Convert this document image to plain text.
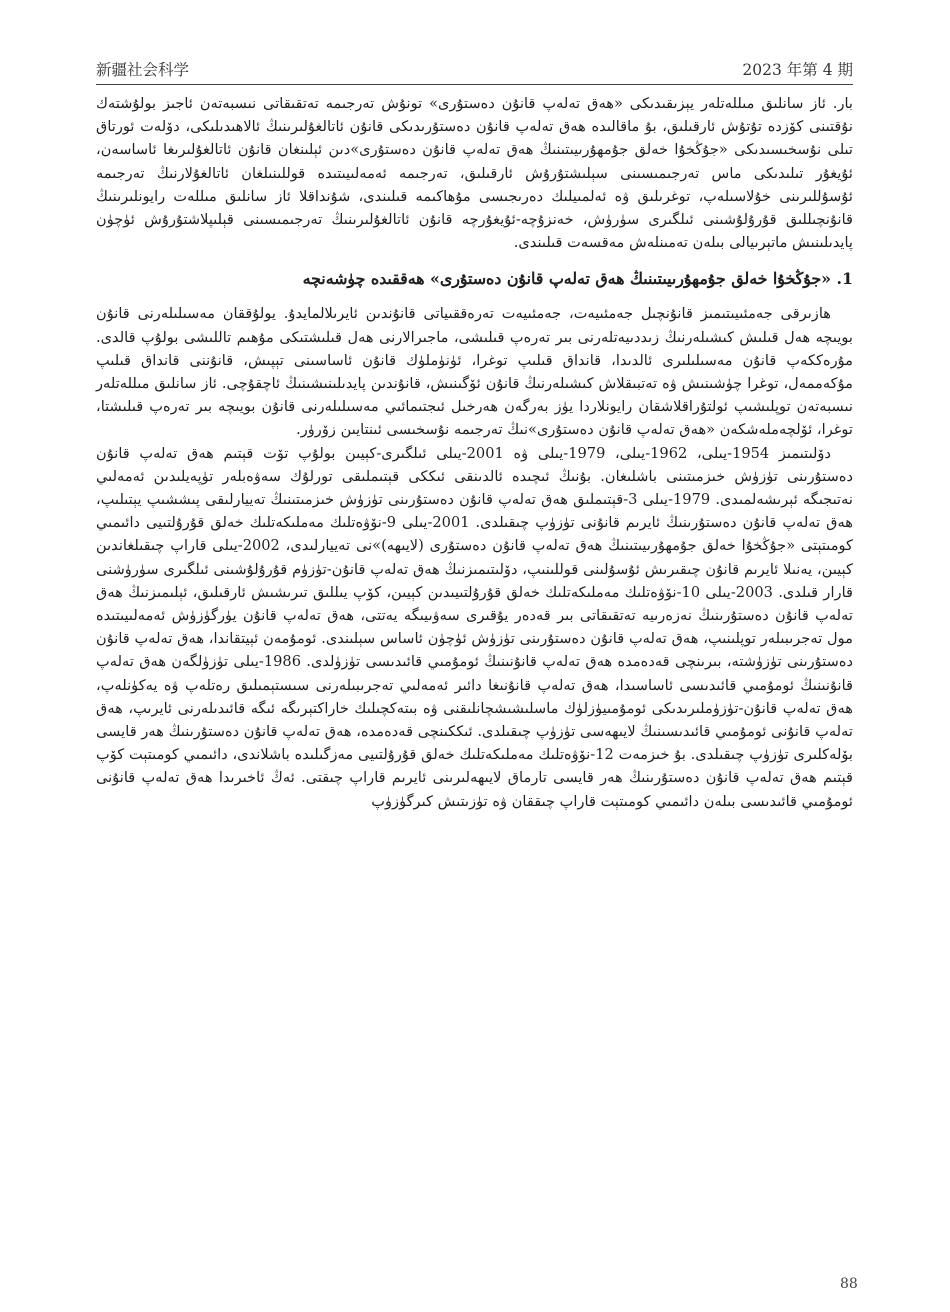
新疆社会科学	2023 年第 4 期

بار. ئاز سانلىق مىللەتلەر يېزىقىدىكى «ھەق تەلەپ قانۇن دەستۇرى» تونۇش تەرجىمە تەتقىقاتى نىسبەتەن ئاجىز بولۇشتەك نۇقتىنى كۆزدە تۇتۇش ئارقىلىق، بۇ ماقالىدە ھەق تەلەپ قانۇن دەستۇرىدىكى قانۇن ئاتالغۇلىرىنىڭ ئالاھىدىلىكى، دۆلەت ئورتاق تىلى نۇسخىسىدىكى «جۇڭخۇا خەلق جۇمھۇرىيىتىنىڭ ھەق تەلەپ قانۇن دەستۇرى»دىن ئېلىنغان قانۇن ئاتالغۇلىرىغا ئاساسەن، ئۇيغۇر تىلىدىكى ماس تەرجىمىسىنى سېلىشتۇرۇش ئارقىلىق، تەرجىمە ئەمەلىيىتىدە قوللىنىلغان ئاتالغۇلارنىڭ تەرجىمە ئۇسۇللىرىنى خۇلاسىلەپ، توغرىلىق ۋە ئەلمىيلىك دەرىجىسى مۇھاكىمە قىلىندى، شۇنداقلا ئاز سانلىق مىللەت رايونلىرىنىڭ قانۇنچىللىق قۇرۇلۇشىنى ئىلگىرى سۈرۈش، خەنزۇچە-ئۇيغۇرچە قانۇن ئاتالغۇلىرىنىڭ تەرجىمىسىنى قېلىپلاشتۇرۇش ئۈچۈن پايدىلىنىش ماتېرىيالى بىلەن تەمىنلەش مەقسەت قىلىندى.

1. «جۇڭخۇا خەلق جۇمھۇرىيىتىنىڭ ھەق تەلەپ قانۇن دەستۇرى» ھەققىدە چۈشەنچە

ھازىرقى جەمئىيىتىمىز قانۇنچىل جەمئىيەت، جەمئىيەت تەرەققىياتى قانۇندىن ئايرىلالمايدۇ. يولۇققان مەسىلىلەرنى قانۇن بويىچە ھەل قىلىش كىشىلەرنىڭ زىددىيەتلەرنى بىر تەرەپ قىلىشى، ماجىرالارنى ھەل قىلىشتىكى مۇھىم تاللىشى بولۇپ قالدى. مۇرەككەپ قانۇن مەسىلىلىرى ئالدىدا، قانداق قىلىپ توغرا، ئۈنۈملۈك قانۇن ئاساسىنى تېپىش، قانۇننى قانداق قىلىپ مۇكەممەل، توغرا چۈشىنىش ۋە تەتبىقلاش كىشىلەرنىڭ قانۇن ئۆگىنىش، قانۇندىن پايدىلىنىشىنىڭ ئاچقۇچى. ئاز سانلىق مىللەتلەر نىسبەتەن توپلىشىپ ئولتۇراقلاشقان رايونلاردا يۈز بەرگەن ھەرخىل ئىجتىمائىي مەسىلىلەرنى قانۇن بويىچە بىر تەرەپ قىلىشتا، توغرا، ئۆلچەملەشكەن «ھەق تەلەپ قانۇن دەستۇرى»نىڭ تەرجىمە نۇسخىسى ئىنتايىن زۆرۈر.

دۆلىتىمىز 1954-يىلى، 1962-يىلى، 1979-يىلى ۋە 2001-يىلى ئىلگىرى-كېيىن بولۇپ تۆت قېتىم ھەق تەلەپ قانۇن دەستۇرىنى تۈزۈش خىزمىتىنى باشلىغان. بۇنىڭ ئىچىدە ئالدىنقى ئىككى قېتىملىقى تورلۇك سەۋەبلەر تۈپەيلىدىن ئەمەلىي نەتىجىگە ئېرىشەلمىدى. 1979-يىلى 3-قېتىملىق ھەق تەلەپ قانۇن دەستۇرىنى تۈزۈش خىزمىتىنىڭ تەييارلىقى پىششىپ يېتىلىپ، ھەق تەلەپ قانۇن دەستۇرىنىڭ ئايرىم قانۇنى تۈزۈپ چىقىلدى. 2001-يىلى 9-نۆۋەتلىك مەملىكەتلىك خەلق قۇرۇلتىيى دائىمىي كومىتېتى «جۇڭخۇا خەلق جۇمھۇرىيىتىنىڭ ھەق تەلەپ قانۇن دەستۇرى (لايىھە)»نى تەييارلىدى، 2002-يىلى قاراپ چىقىلغاندىن كېيىن، يەنىلا ئايرىم قانۇن چىقىرىش ئۇسۇلىنى قوللىنىپ، دۆلىتىمىزنىڭ ھەق تەلەپ قانۇن-تۈزۈم قۇرۇلۇشىنى ئىلگىرى سۈرۈشنى قارار قىلدى. 2003-يىلى 10-نۆۋەتلىك مەملىكەتلىك خەلق قۇرۇلتىيىدىن كېيىن، كۆپ يىللىق تىرىشىش ئارقىلىق، ئېلىمىزنىڭ ھەق تەلەپ قانۇن دەستۇرىنىڭ نەزەرىيە تەتقىقاتى بىر قەدەر يۇقىرى سەۋىيىگە يەتتى، ھەق تەلەپ قانۇن يۈرگۈزۈش ئەمەلىيىتىدە مول تەجرىبىلەر توپلىنىپ، ھەق تەلەپ قانۇن دەستۇرىنى تۈزۈش ئۈچۈن ئاساس سېلىندى. ئومۇمەن ئېيتقاندا، ھەق تەلەپ قانۇن دەستۇرىنى تۈزۈشتە، بىرىنچى قەدەمدە ھەق تەلەپ قانۇنىنىڭ ئومۇمىي قائىدىسى تۈزۈلدى. 1986-يىلى تۈزۈلگەن ھەق تەلەپ قانۇنىنىڭ ئومۇمىي قائىدىسى ئاساسىدا، ھەق تەلەپ قانۇنىغا دائىر ئەمەلىي تەجرىبىلەرنى سىستېمىلىق رەتلەپ ۋە يەكۈنلەپ، ھەق تەلەپ قانۇن-تۈزۈملىرىدىكى ئومۇمىيۈزلۈك ماسلىشىشچانلىقنى ۋە بىتەكچىلىك خاراكتېرىگە ئىگە قائىدىلەرنى ئايرىپ، ھەق تەلەپ قانۇنى ئومۇمىي قائىدىسىنىڭ لايىھەسى تۈزۈپ چىقىلدى. ئىككىنچى قەدەمدە، ھەق تەلەپ قانۇن دەستۇرىنىڭ ھەر قايسى بۆلەكلىرى تۈزۈپ چىقىلدى. بۇ خىزمەت 12-نۆۋەتلىك مەملىكەتلىك خەلق قۇرۇلتىيى مەزگىلىدە باشلاندى، دائىمىي كومىتېت كۆپ قېتىم ھەق تەلەپ قانۇن دەستۇرىنىڭ ھەر قايسى تارماق لايىھەلىرىنى ئايرىم قاراپ چىقتى. ئەڭ ئاخىرىدا ھەق تەلەپ قانۇنى ئومۇمىي قائىدىسى بىلەن دائىمىي كومىتېت قاراپ چىققان ۋە تۈزىتىش كىرگۈزۈپ

88
